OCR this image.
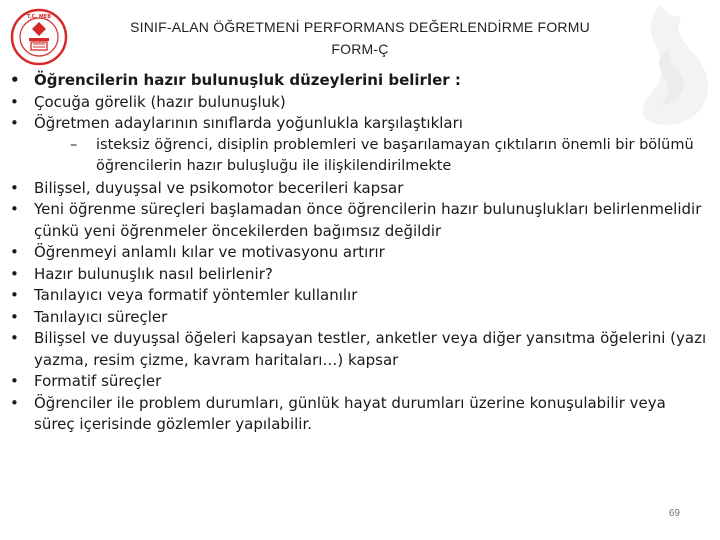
T.C. MEB
SINIF-ALAN ÖĞRETMENİ PERFORMANS DEĞERLENDİRME FORMU
FORM-Ç
• Öğrencilerin hazır bulunuşluk düzeylerini belirler :
• Çocuğa görelik (hazır bulunuşluk)
• Öğretmen adaylarının sınıflarda yoğunlukla karşılaştıkları
– isteksiz öğrenci, disiplin problemleri ve başarılamayan çıktıların önemli bir bölümü öğrencilerin hazır buluşluğu ile ilişkilendirilmekte
• Bilişsel, duyuşsal ve psikomotor becerileri kapsar
• Yeni öğrenme süreçleri başlamadan önce öğrencilerin hazır bulunuşlukları belirlenmelidir çünkü yeni öğrenmeler öncekilerden bağımsız değildir
• Öğrenmeyi anlamlı kılar ve motivasyonu artırır
• Hazır bulunuşlık nasıl belirlenir?
• Tanılayıcı veya formatif yöntemler kullanılır
• Tanılayıcı süreçler
• Bilişsel ve duyuşsal öğeleri kapsayan testler, anketler veya diğer yansıtma öğelerini (yazı yazma, resim çizme, kavram haritaları…) kapsar
• Formatif süreçler
• Öğrenciler ile problem durumları, günlük hayat durumları üzerine konuşulabilir veya süreç içerisinde gözlemler yapılabilir.
69
